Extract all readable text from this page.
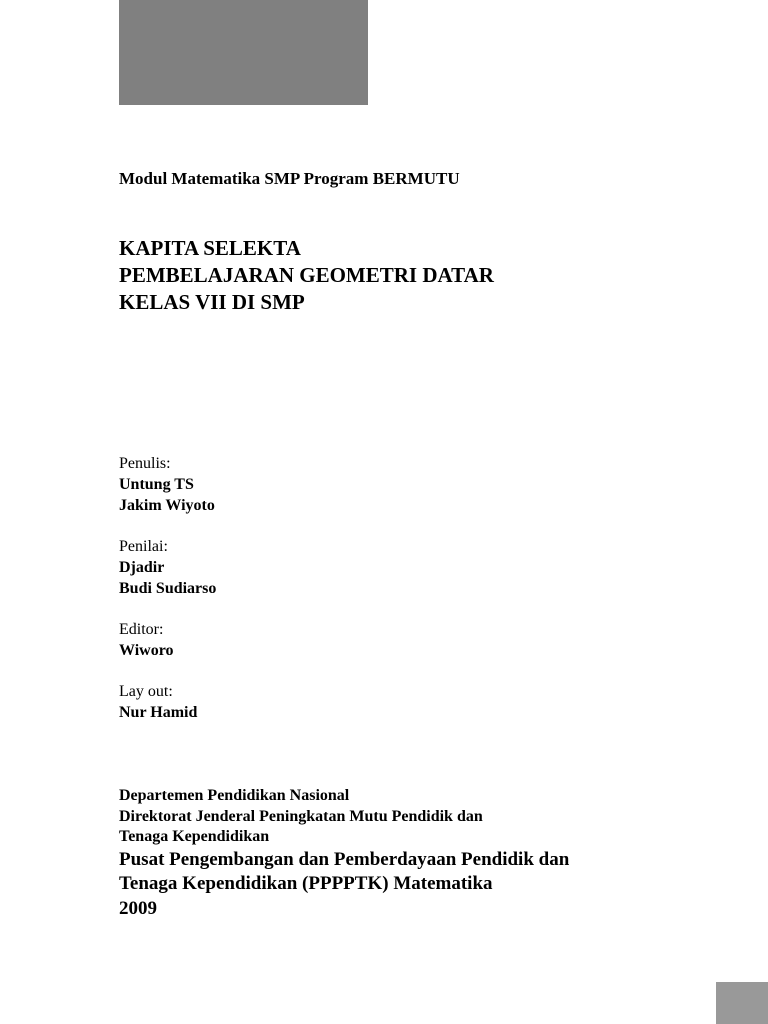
Modul Matematika SMP Program BERMUTU
KAPITA SELEKTA
PEMBELAJARAN GEOMETRI DATAR
KELAS VII DI SMP
Penulis:
Untung TS
Jakim Wiyoto
Penilai:
Djadir
Budi Sudiarso
Editor:
Wiworo
Lay out:
Nur Hamid
Departemen Pendidikan Nasional
Direktorat Jenderal Peningkatan Mutu Pendidik dan
Tenaga Kependidikan
Pusat Pengembangan dan Pemberdayaan Pendidik dan
Tenaga Kependidikan (PPPPTK) Matematika
2009
